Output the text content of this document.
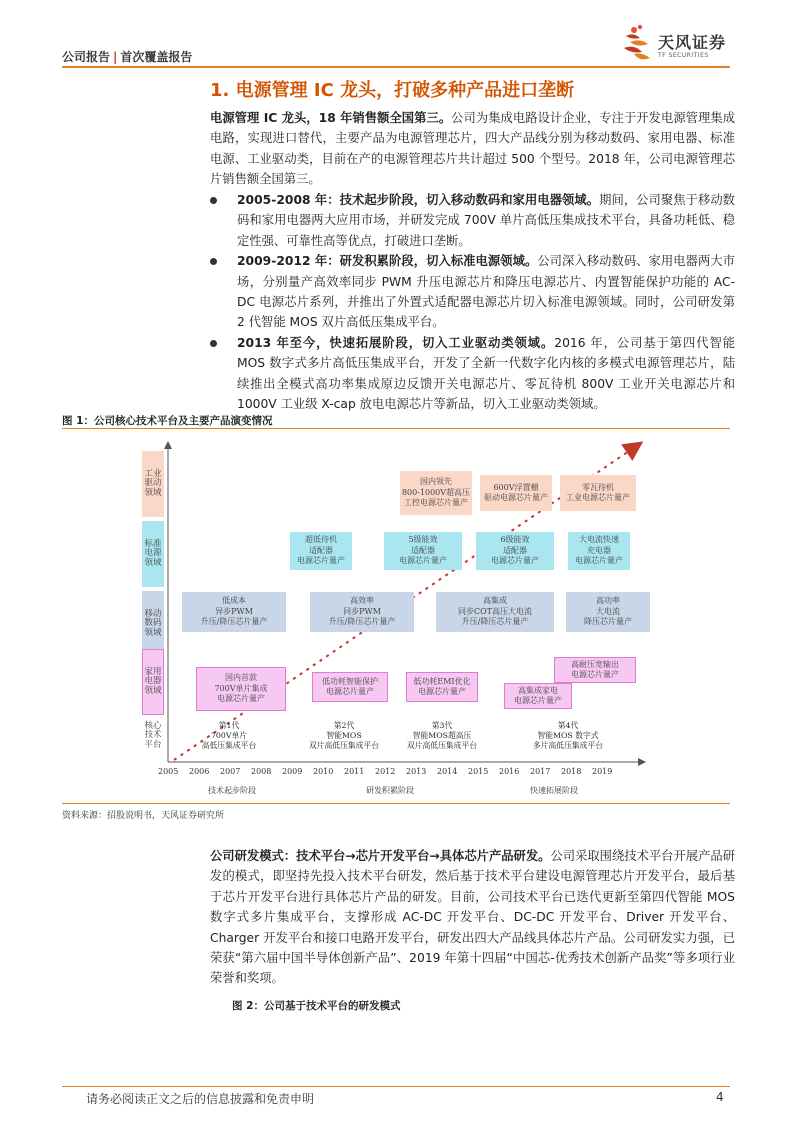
公司报告 | 首次覆盖报告
天风证券
TF SECURITIES
1. 电源管理 IC 龙头，打破多种产品进口垄断
电源管理 IC 龙头，18 年销售额全国第三。公司为集成电路设计企业，专注于开发电源管理集成电路，实现进口替代，主要产品为电源管理芯片，四大产品线分别为移动数码、家用电器、标准电源、工业驱动类，目前在产的电源管理芯片共计超过 500 个型号。2018 年，公司电源管理芯片销售额全国第三。
2005-2008 年：技术起步阶段，切入移动数码和家用电器领域。期间，公司聚焦于移动数码和家用电器两大应用市场，并研发完成 700V 单片高低压集成技术平台，具备功耗低、稳定性强、可靠性高等优点，打破进口垄断。
2009-2012 年：研发积累阶段，切入标准电源领域。公司深入移动数码、家用电器两大市场，分别量产高效率同步 PWM 升压电源芯片和降压电源芯片、内置智能保护功能的 AC-DC 电源芯片系列，并推出了外置式适配器电源芯片切入标准电源领域。同时，公司研发第 2 代智能 MOS 双片高低压集成平台。
2013 年至今，快速拓展阶段，切入工业驱动类领域。2016 年，公司基于第四代智能 MOS 数字式多片高低压集成平台，开发了全新一代数字化内核的多模式电源管理芯片，陆续推出全模式高功率集成原边反馈开关电源芯片、零瓦待机 800V 工业开关电源芯片和 1000V 工业级 X-cap 放电电源芯片等新品，切入工业驱动类领域。
图 1：公司核心技术平台及主要产品演变情况
工业驱动领域
标准电源领域
移动数码领域
家用电器领域
核心技术平台
国内领先
800-1000V超高压
工控电源芯片量产
600V浮置栅
驱动电源芯片量产
零瓦待机
工业电源芯片量产
超低待机
适配器
电源芯片量产
5级能效
适配器
电源芯片量产
6级能效
适配器
电源芯片量产
大电流快速
充电器
电源芯片量产
低成本
异步PWM
升压/降压芯片量产
高效率
同步PWM
升压/降压芯片量产
高集成
同步COT高压大电流
升压/降压芯片量产
高功率
大电流
降压芯片量产
国内首款
700V单片集成
电源芯片量产
低功耗智能保护
电源芯片量产
低功耗EMI优化
电源芯片量产	高集成家电
电源芯片量产
高耐压宽输出
电源芯片量产
第1代
700V单片
高低压集成平台
第2代
智能MOS
双片高低压集成平台
第3代
智能MOS超高压
双片高低压集成平台
第4代
智能MOS 数字式
多片高低压集成平台
2005 2006 2007 2008 2009 2010 2011 2012 2013 2014 2015 2016 2017 2018 2019
技术起步阶段	研发积累阶段	快速拓展阶段
资料来源：招股说明书，天风证券研究所
公司研发模式：技术平台→芯片开发平台→具体芯片产品研发。公司采取围绕技术平台开展产品研发的模式，即坚持先投入技术平台研发，然后基于技术平台建设电源管理芯片开发平台，最后基于芯片开发平台进行具体芯片产品的研发。目前，公司技术平台已迭代更新至第四代智能 MOS 数字式多片集成平台，支撑形成 AC-DC 开发平台、DC-DC 开发平台、Driver 开发平台、Charger 开发平台和接口电路开发平台，研发出四大产品线具体芯片产品。公司研发实力强，已荣获“第六届中国半导体创新产品”、2019 年第十四届“中国芯-优秀技术创新产品奖”等多项行业荣誉和奖项。
图 2：公司基于技术平台的研发模式
请务必阅读正文之后的信息披露和免责申明	4
